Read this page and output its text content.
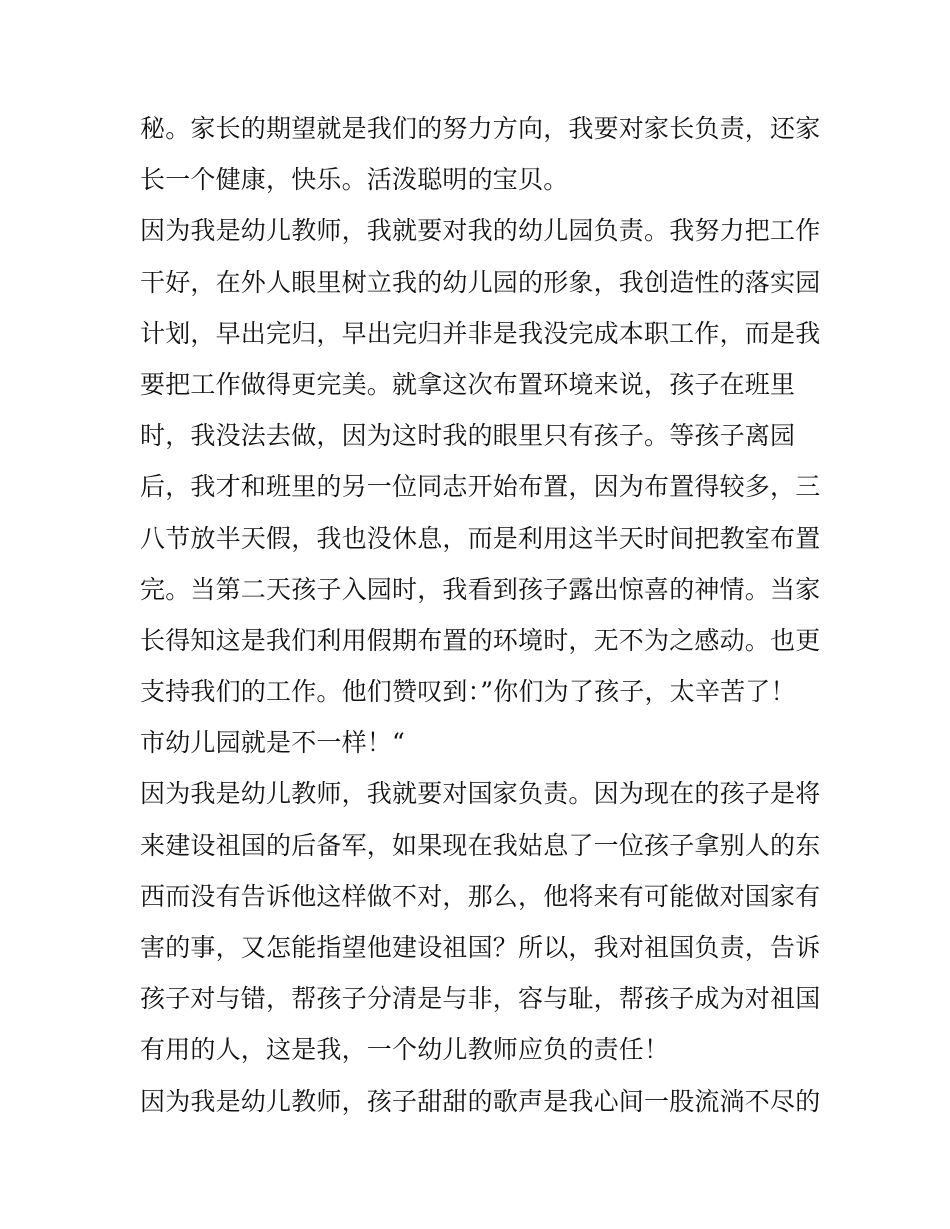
秘。家长的期望就是我们的努力方向，我要对家长负责，还家
长一个健康，快乐。活泼聪明的宝贝。
因为我是幼儿教师，我就要对我的幼儿园负责。我努力把工作
干好，在外人眼里树立我的幼儿园的形象，我创造性的落实园
计划，早出完归，早出完归并非是我没完成本职工作，而是我
要把工作做得更完美。就拿这次布置环境来说，孩子在班里
时，我没法去做，因为这时我的眼里只有孩子。等孩子离园
后，我才和班里的另一位同志开始布置，因为布置得较多，三
八节放半天假，我也没休息，而是利用这半天时间把教室布置
完。当第二天孩子入园时，我看到孩子露出惊喜的神情。当家
长得知这是我们利用假期布置的环境时，无不为之感动。也更
支持我们的工作。他们赞叹到：”你们为了孩子，太辛苦了！
市幼儿园就是不一样！“
因为我是幼儿教师，我就要对国家负责。因为现在的孩子是将
来建设祖国的后备军，如果现在我姑息了一位孩子拿别人的东
西而没有告诉他这样做不对，那么，他将来有可能做对国家有
害的事，又怎能指望他建设祖国？所以，我对祖国负责，告诉
孩子对与错，帮孩子分清是与非，容与耻，帮孩子成为对祖国
有用的人，这是我，一个幼儿教师应负的责任！
因为我是幼儿教师，孩子甜甜的歌声是我心间一股流淌不尽的
